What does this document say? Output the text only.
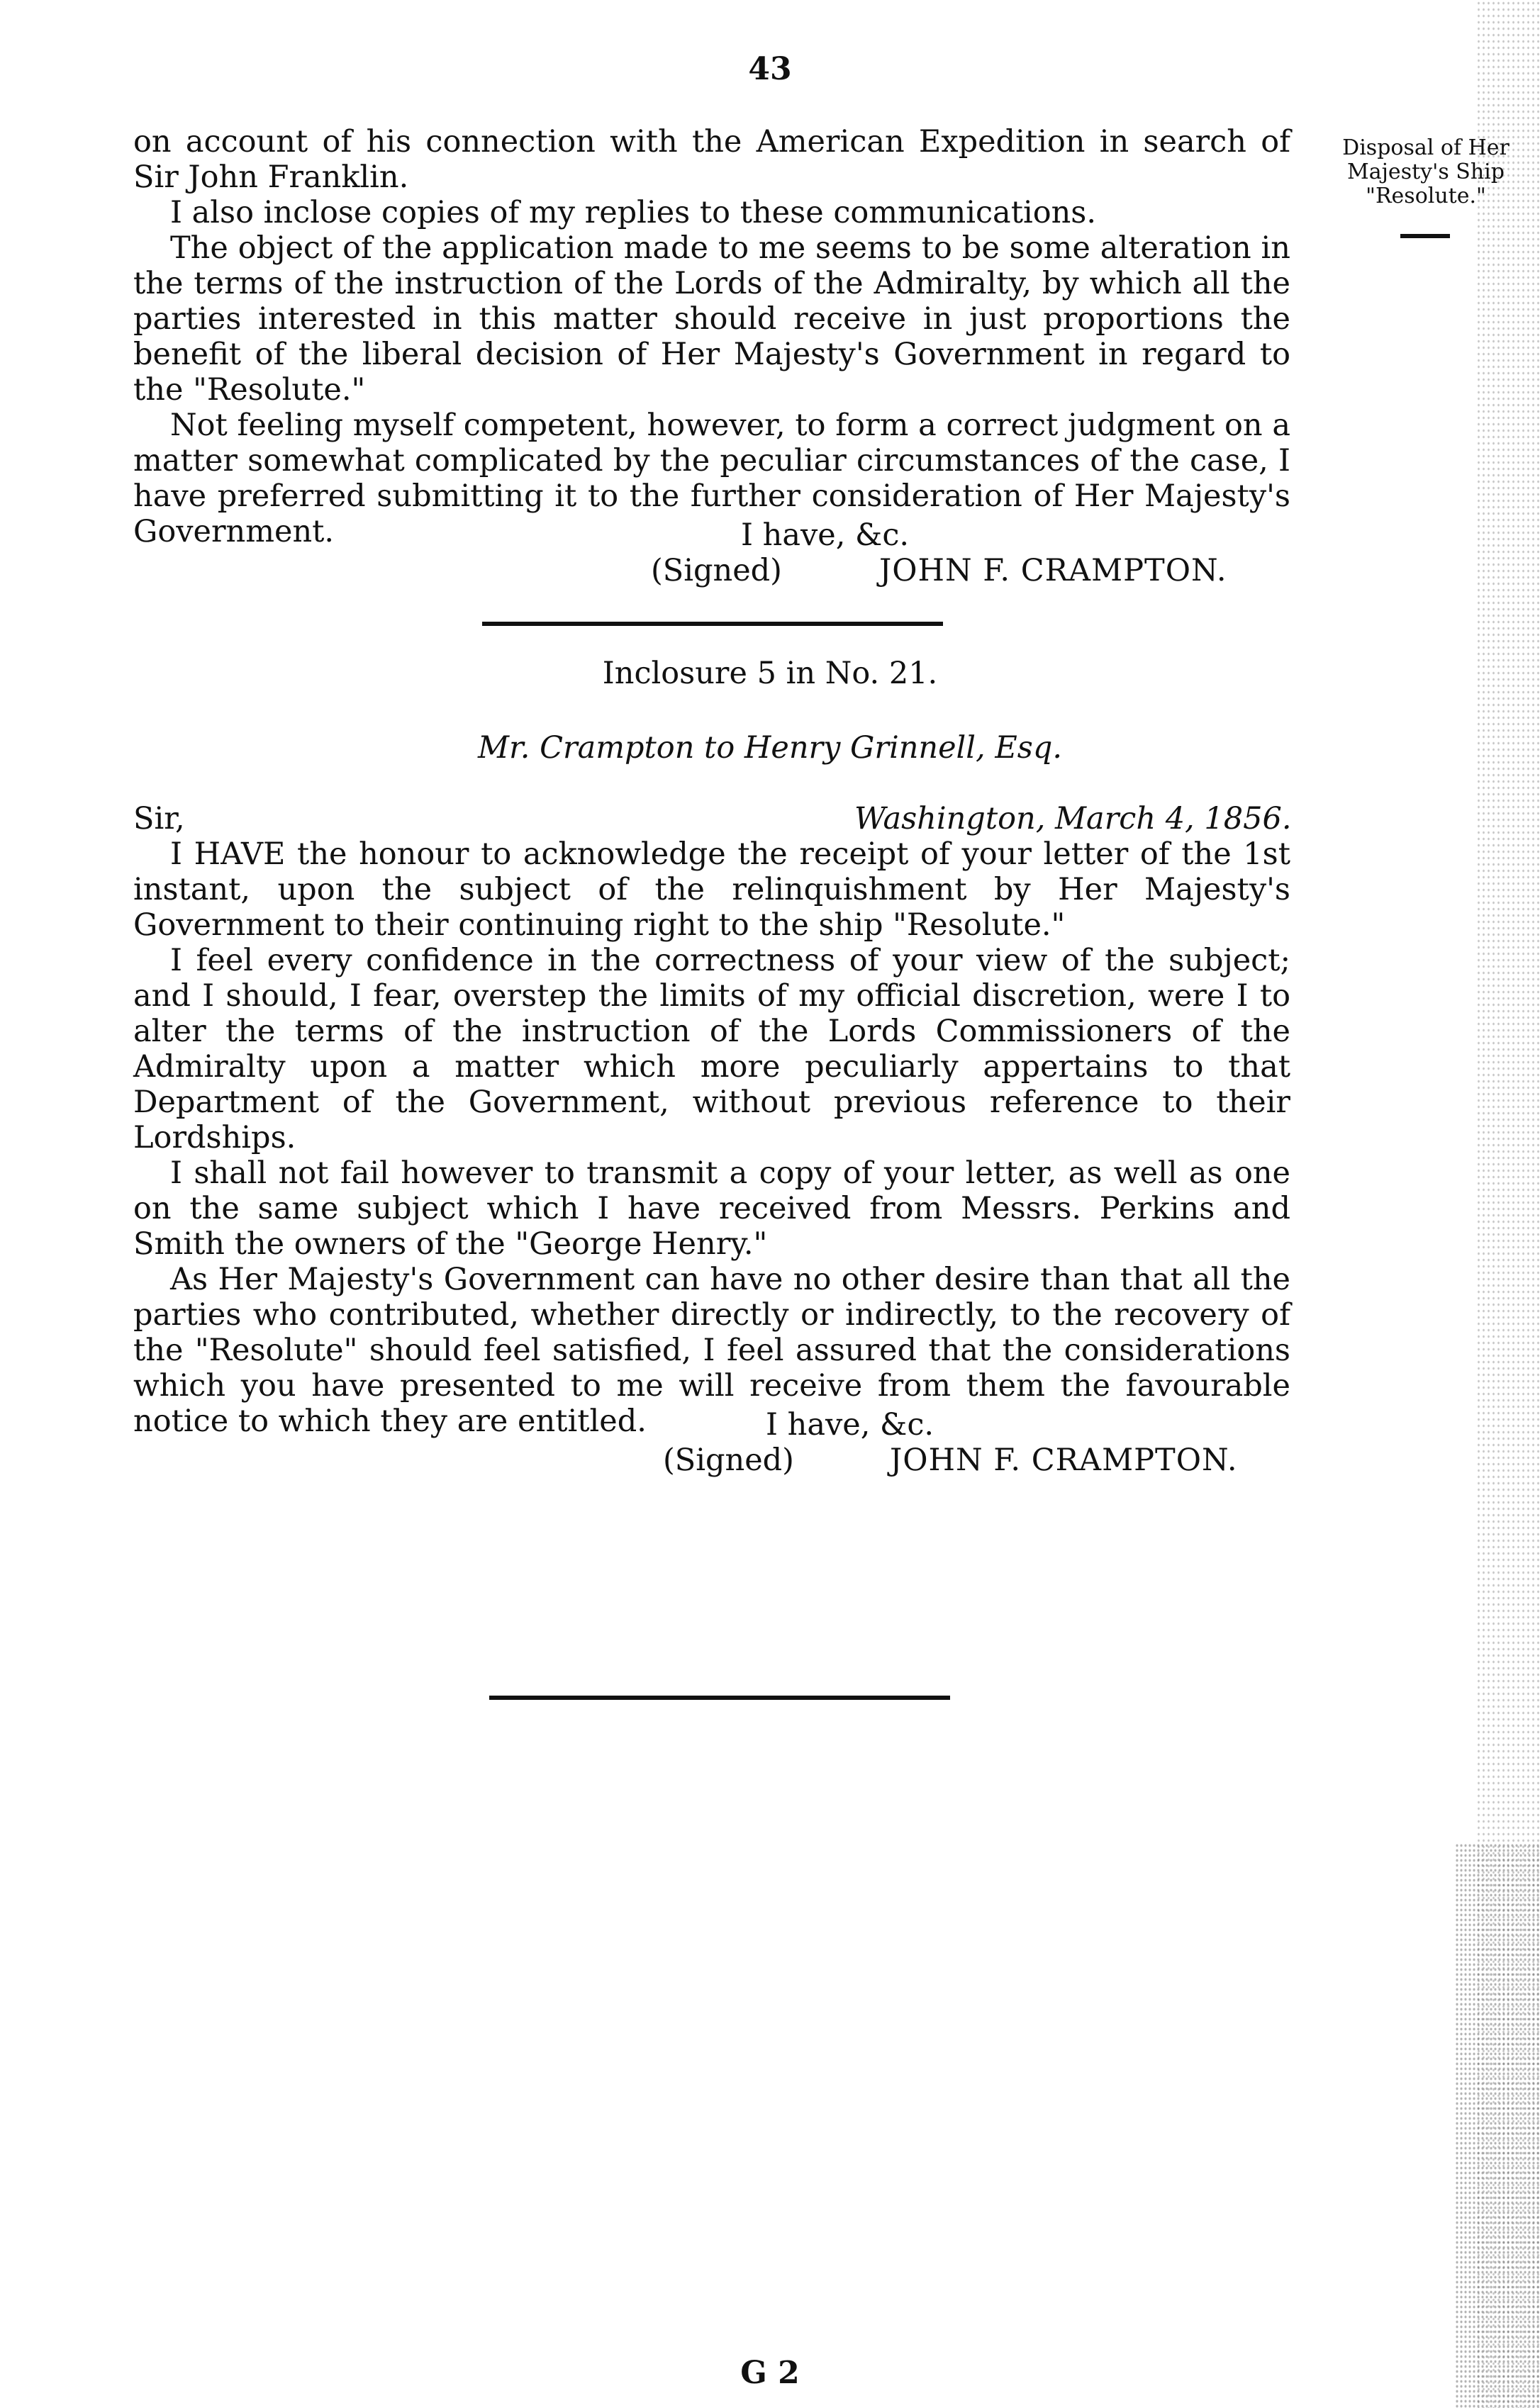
43
Disposal of Her Majesty's Ship "Resolute."

on account of his connection with the American Expedition in search of Sir John Franklin.

I also inclose copies of my replies to these communications.

The object of the application made to me seems to be some alteration in the terms of the instruction of the Lords of the Admiralty, by which all the parties interested in this matter should receive in just proportions the benefit of the liberal decision of Her Majesty's Government in regard to the "Resolute."

Not feeling myself competent, however, to form a correct judgment on a matter somewhat complicated by the peculiar circumstances of the case, I have preferred submitting it to the further consideration of Her Majesty's Government.	I have, &c.
(Signed)	JOHN F. CRAMPTON.
Inclosure 5 in No. 21.
Mr. Crampton to Henry Grinnell, Esq.
Sir,	Washington, March 4, 1856.

I HAVE the honour to acknowledge the receipt of your letter of the 1st instant, upon the subject of the relinquishment by Her Majesty's Government to their continuing right to the ship "Resolute."

I feel every confidence in the correctness of your view of the subject; and I should, I fear, overstep the limits of my official discretion, were I to alter the terms of the instruction of the Lords Commissioners of the Admiralty upon a matter which more peculiarly appertains to that Department of the Government, without previous reference to their Lordships.

I shall not fail however to transmit a copy of your letter, as well as one on the same subject which I have received from Messrs. Perkins and Smith the owners of the "George Henry."

As Her Majesty's Government can have no other desire than that all the parties who contributed, whether directly or indirectly, to the recovery of the "Resolute" should feel satisfied, I feel assured that the considerations which you have presented to me will receive from them the favourable notice to which they are entitled.	I have, &c.
(Signed)	JOHN F. CRAMPTON.
G 2
